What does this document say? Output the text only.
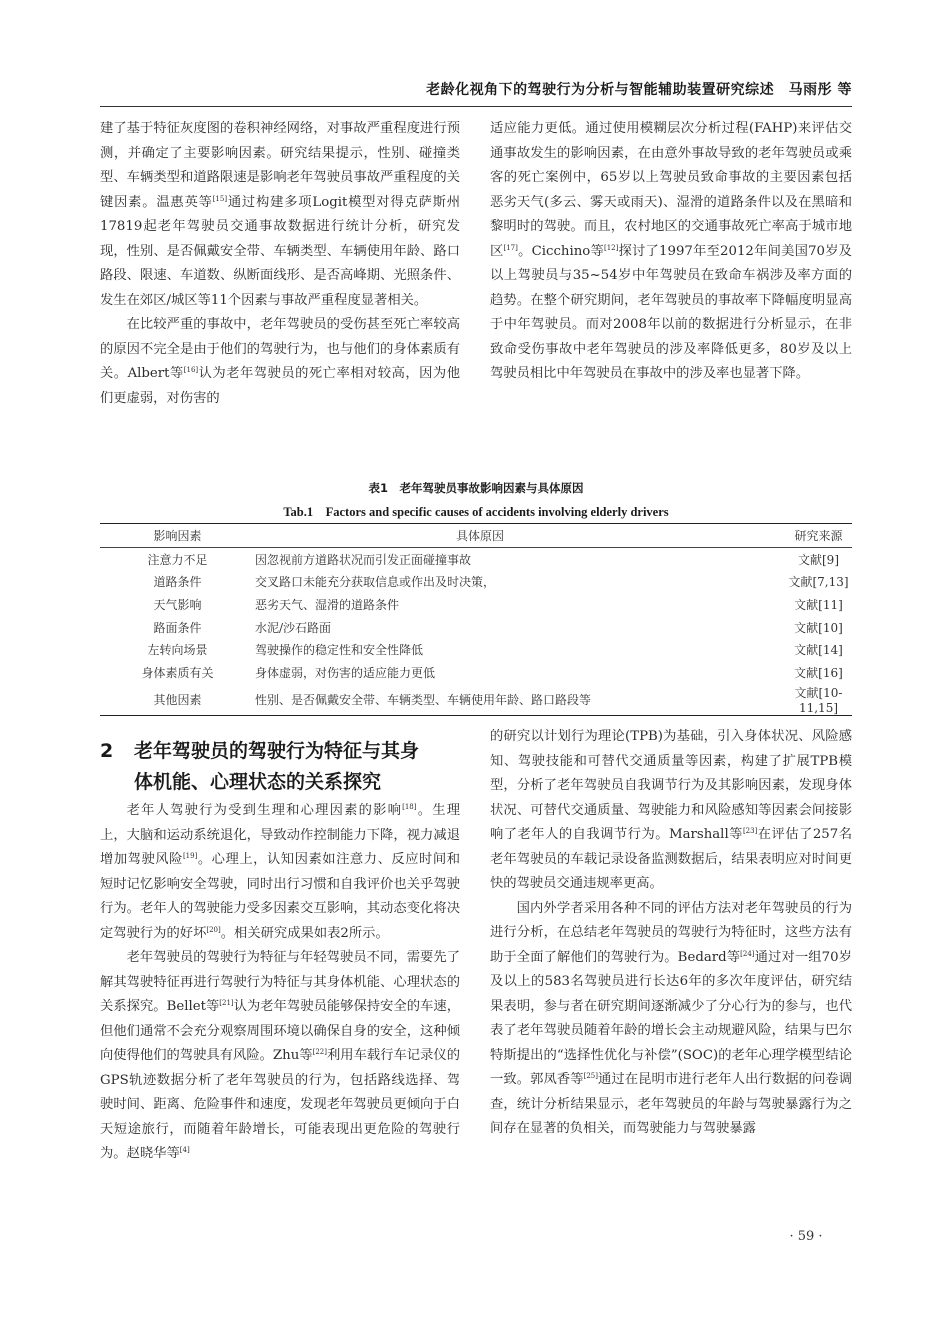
老龄化视角下的驾驶行为分析与智能辅助装置研究综述　马雨彤 等

建了基于特征灰度图的卷积神经网络，对事故严重程度进行预测，并确定了主要影响因素。研究结果提示，性别、碰撞类型、车辆类型和道路限速是影响老年驾驶员事故严重程度的关键因素。温惠英等[15]通过构建多项Logit模型对得克萨斯州17819起老年驾驶员交通事故数据进行统计分析，研究发现，性别、是否佩戴安全带、车辆类型、车辆使用年龄、路口路段、限速、车道数、纵断面线形、是否高峰期、光照条件、发生在郊区/城区等11个因素与事故严重程度显著相关。

在比较严重的事故中，老年驾驶员的受伤甚至死亡率较高的原因不完全是由于他们的驾驶行为，也与他们的身体素质有关。Albert等[16]认为老年驾驶员的死亡率相对较高，因为他们更虚弱，对伤害的

适应能力更低。通过使用模糊层次分析过程(FAHP)来评估交通事故发生的影响因素，在由意外事故导致的老年驾驶员或乘客的死亡案例中，65岁以上驾驶员致命事故的主要因素包括恶劣天气(多云、雾天或雨天)、湿滑的道路条件以及在黑暗和黎明时的驾驶。而且，农村地区的交通事故死亡率高于城市地区[17]。Cicchino等[12]探讨了1997年至2012年间美国70岁及以上驾驶员与35~54岁中年驾驶员在致命车祸涉及率方面的趋势。在整个研究期间，老年驾驶员的事故率下降幅度明显高于中年驾驶员。而对2008年以前的数据进行分析显示，在非致命受伤事故中老年驾驶员的涉及率降低更多，80岁及以上驾驶员相比中年驾驶员在事故中的涉及率也显著下降。

表1　老年驾驶员事故影响因素与具体原因
Tab.1　Factors and specific causes of accidents involving elderly drivers
影响因素	具体原因	研究来源
注意力不足	因忽视前方道路状况而引发正面碰撞事故	文献[9]
道路条件	交叉路口未能充分获取信息或作出及时决策，	文献[7,13]
天气影响	恶劣天气、湿滑的道路条件	文献[11]
路面条件	水泥/沙石路面	文献[10]
左转向场景	驾驶操作的稳定性和安全性降低	文献[14]
身体素质有关	身体虚弱，对伤害的适应能力更低	文献[16]
其他因素	性别、是否佩戴安全带、车辆类型、车辆使用年龄、路口路段等	文献[10-11,15]
2 老年驾驶员的驾驶行为特征与其身
体机能、心理状态的关系探究

老年人驾驶行为受到生理和心理因素的影响[18]。生理上，大脑和运动系统退化，导致动作控制能力下降，视力减退增加驾驶风险[19]。心理上，认知因素如注意力、反应时间和短时记忆影响安全驾驶，同时出行习惯和自我评价也关乎驾驶行为。老年人的驾驶能力受多因素交互影响，其动态变化将决定驾驶行为的好坏[20]。相关研究成果如表2所示。

老年驾驶员的驾驶行为特征与年轻驾驶员不同，需要先了解其驾驶特征再进行驾驶行为特征与其身体机能、心理状态的关系探究。Bellet等[21]认为老年驾驶员能够保持安全的车速，但他们通常不会充分观察周围环境以确保自身的安全，这种倾向使得他们的驾驶具有风险。Zhu等[22]利用车载行车记录仪的GPS轨迹数据分析了老年驾驶员的行为，包括路线选择、驾驶时间、距离、危险事件和速度，发现老年驾驶员更倾向于白天短途旅行，而随着年龄增长，可能表现出更危险的驾驶行为。赵晓华等[4]

的研究以计划行为理论(TPB)为基础，引入身体状况、风险感知、驾驶技能和可替代交通质量等因素，构建了扩展TPB模型，分析了老年驾驶员自我调节行为及其影响因素，发现身体状况、可替代交通质量、驾驶能力和风险感知等因素会间接影响了老年人的自我调节行为。Marshall等[23]在评估了257名老年驾驶员的车载记录设备监测数据后，结果表明应对时间更快的驾驶员交通违规率更高。

国内外学者采用各种不同的评估方法对老年驾驶员的行为进行分析，在总结老年驾驶员的驾驶行为特征时，这些方法有助于全面了解他们的驾驶行为。Bedard等[24]通过对一组70岁及以上的583名驾驶员进行长达6年的多次年度评估，研究结果表明，参与者在研究期间逐渐减少了分心行为的参与，也代表了老年驾驶员随着年龄的增长会主动规避风险，结果与巴尔特斯提出的“选择性优化与补偿”(SOC)的老年心理学模型结论一致。郭凤香等[25]通过在昆明市进行老年人出行数据的问卷调查，统计分析结果显示，老年驾驶员的年龄与驾驶暴露行为之间存在显著的负相关，而驾驶能力与驾驶暴露

· 59 ·
